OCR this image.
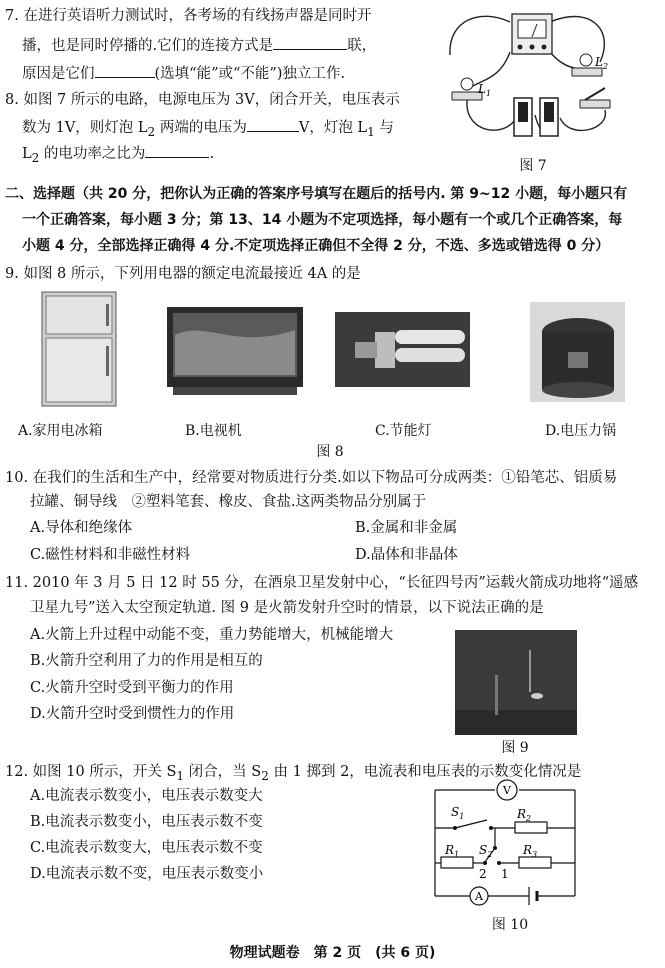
7. 在进行英语听力测试时，各考场的有线扬声器是同时开
播，也是同时停播的.它们的连接方式是	联，
原因是它们	(选填“能”或“不能”)独立工作.
8. 如图 7 所示的电路，电源电压为 3V，闭合开关，电压表示
数为 1V，则灯泡 $L_2$ 两端的电压为	V，灯泡 $L_1$ 与
$L_2$ 的电功率之比为	.
$L_1$
$L_2$
图 7
二、选择题（共 20 分，把你认为正确的答案序号填写在题后的括号内. 第 9~12 小题，每小题只有
一个正确答案，每小题 3 分；第 13、14 小题为不定项选择，每小题有一个或几个正确答案，每
小题 4 分，全部选择正确得 4 分.不定项选择正确但不全得 2 分，不选、多选或错选得 0 分）
9. 如图 8 所示，下列用电器的额定电流最接近 4A 的是
A.家用电冰箱	B.电视机	C.节能灯	D.电压力锅
图 8
10. 在我们的生活和生产中，经常要对物质进行分类.如以下物品可分成两类：①铅笔芯、铝质易
拉罐、铜导线　②塑料笔套、橡皮、食盐.这两类物品分别属于
A.导体和绝缘体	B.金属和非金属
C.磁性材料和非磁性材料	D.晶体和非晶体
11. 2010 年 3 月 5 日 12 时 55 分，在酒泉卫星发射中心，“长征四号丙”运载火箭成功地将“遥感
卫星九号”送入太空预定轨道. 图 9 是火箭发射升空时的情景，以下说法正确的是
A.火箭上升过程中动能不变，重力势能增大，机械能增大
B.火箭升空利用了力的作用是相互的
C.火箭升空时受到平衡力的作用
D.火箭升空时受到惯性力的作用
图 9
12. 如图 10 所示，开关 $S_1$ 闭合，当 $S_2$ 由 1 掷到 2，电流表和电压表的示数变化情况是
A.电流表示数变小，电压表示数变大
B.电流表示数变小，电压表示数不变
C.电流表示数变大，电压表示数不变
D.电流表示数不变，电压表示数变小
V
A
$S_1$	$R_2$
$R_1$ $S_2$	$R_3$
2 1
图 10
物理试题卷　第 2 页　(共 6 页)
